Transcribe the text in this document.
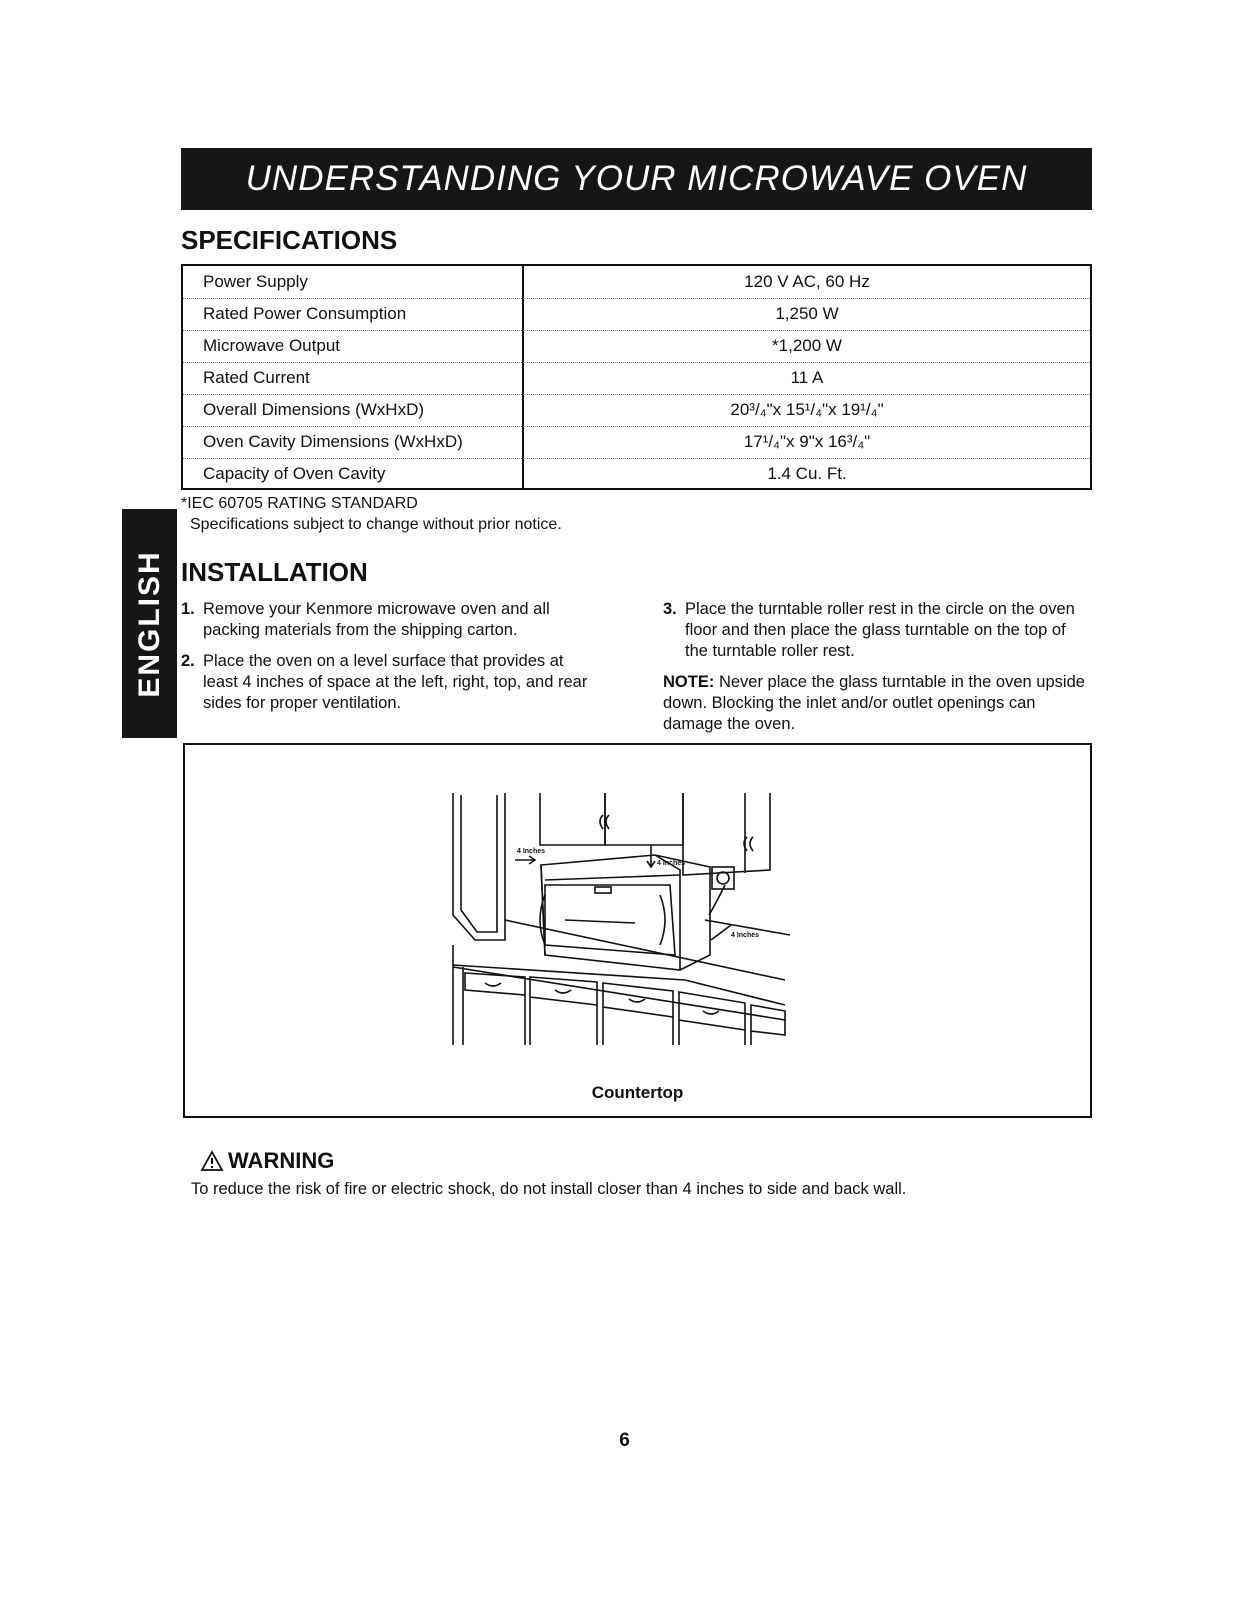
UNDERSTANDING YOUR MICROWAVE OVEN
ENGLISH
SPECIFICATIONS
Power Supply	120 V AC, 60 Hz
Rated Power Consumption	1,250 W
Microwave Output	*1,200 W
Rated Current	11 A
Overall Dimensions (WxHxD)	20³/₄"x 15¹/₄"x 19¹/₄"
Oven Cavity Dimensions (WxHxD)	17¹/₄"x 9"x 16³/₄"
Capacity of Oven Cavity	1.4 Cu. Ft.
*IEC 60705 RATING STANDARD
Specifications subject to change without prior notice.
INSTALLATION
1. Remove your Kenmore microwave oven and all packing materials from the shipping carton.
2. Place the oven on a level surface that provides at least 4 inches of space at the left, right, top, and rear sides for proper ventilation.
3. Place the turntable roller rest in the circle on the oven floor and then place the glass turntable on the top of the turntable roller rest.
NOTE: Never place the glass turntable in the oven upside down. Blocking the inlet and/or outlet openings can damage the oven.
4 Inches
4 Inches
4 Inches
Countertop
WARNING
To reduce the risk of fire or electric shock, do not install closer than 4 inches to side and back wall.
6
